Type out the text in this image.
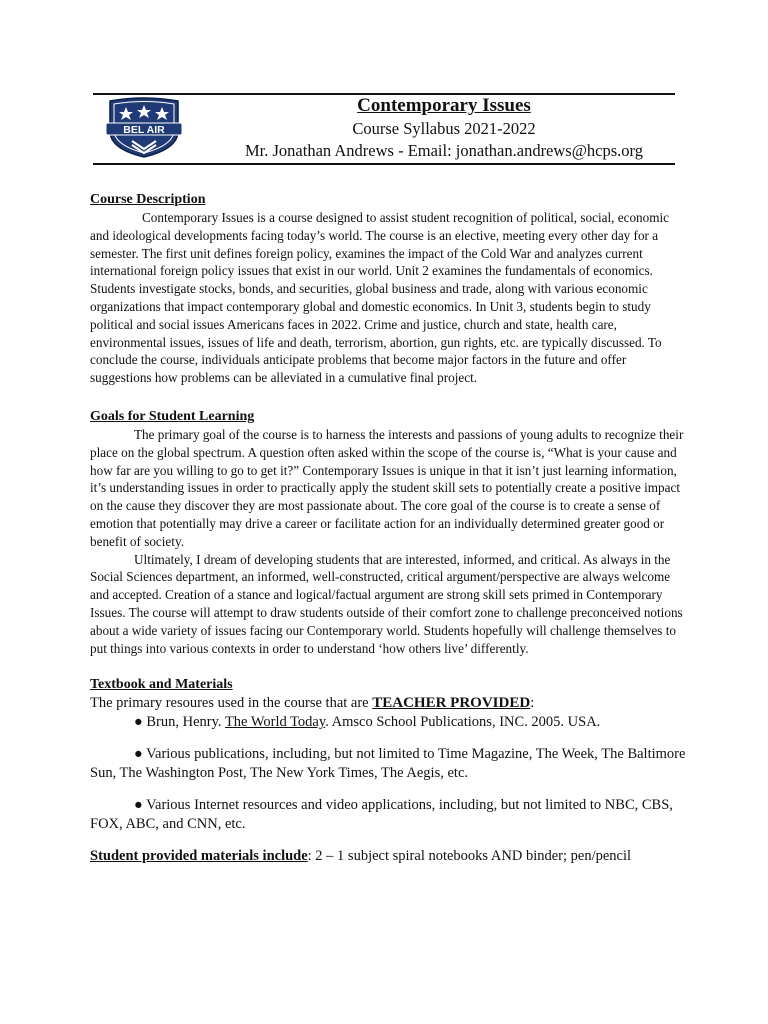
BEL AIR
Contemporary Issues
Course Syllabus 2021-2022
Mr. Jonathan Andrews - Email: jonathan.andrews@hcps.org

Course Description

Contemporary Issues is a course designed to assist student recognition of political, social, economic and ideological developments facing today’s world. The course is an elective, meeting every other day for a semester. The first unit defines foreign policy, examines the impact of the Cold War and analyzes current international foreign policy issues that exist in our world. Unit 2 examines the fundamentals of economics. Students investigate stocks, bonds, and securities, global business and trade, along with various economic organizations that impact contemporary global and domestic economics. In Unit 3, students begin to study political and social issues Americans faces in 2022. Crime and justice, church and state, health care, environmental issues, issues of life and death, terrorism, abortion, gun rights, etc. are typically discussed. To conclude the course, individuals anticipate problems that become major factors in the future and offer suggestions how problems can be alleviated in a cumulative final project.

Goals for Student Learning

The primary goal of the course is to harness the interests and passions of young adults to recognize their place on the global spectrum. A question often asked within the scope of the course is, “What is your cause and how far are you willing to go to get it?” Contemporary Issues is unique in that it isn’t just learning information, it’s understanding issues in order to practically apply the student skill sets to potentially create a positive impact on the cause they discover they are most passionate about. The core goal of the course is to create a sense of emotion that potentially may drive a career or facilitate action for an individually determined greater good or benefit of society.

Ultimately, I dream of developing students that are interested, informed, and critical. As always in the Social Sciences department, an informed, well-constructed, critical argument/perspective are always welcome and accepted. Creation of a stance and logical/factual argument are strong skill sets primed in Contemporary Issues. The course will attempt to draw students outside of their comfort zone to challenge preconceived notions about a wide variety of issues facing our Contemporary world. Students hopefully will challenge themselves to put things into various contexts in order to understand ‘how others live’ differently.

Textbook and Materials

The primary resoures used in the course that are TEACHER PROVIDED:

● Brun, Henry. The World Today. Amsco School Publications, INC. 2005. USA.

● Various publications, including, but not limited to Time Magazine, The Week, The Baltimore Sun, The Washington Post, The New York Times, The Aegis, etc.

● Various Internet resources and video applications, including, but not limited to NBC, CBS, FOX, ABC, and CNN, etc.

Student provided materials include: 2 – 1 subject spiral notebooks AND binder; pen/pencil
